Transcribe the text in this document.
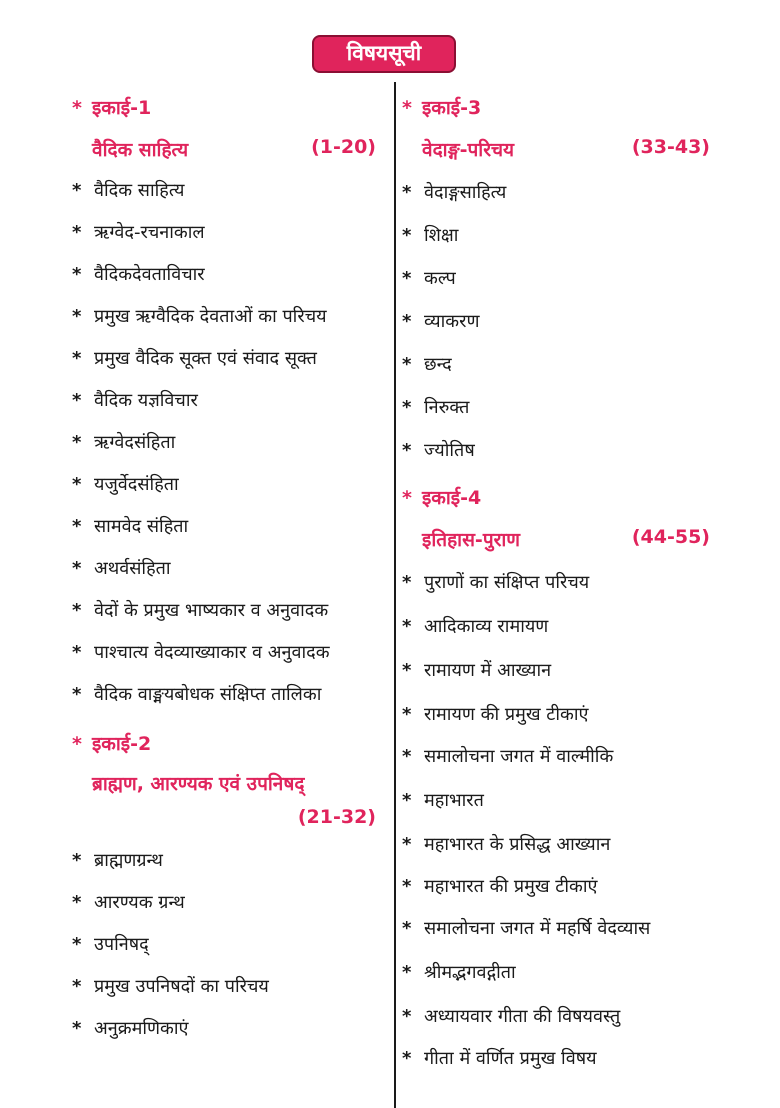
विषयसूची
* इकाई-1
वैदिक साहित्य	(1-20)
* वैदिक साहित्य
* ऋग्वेद-रचनाकाल
* वैदिकदेवताविचार
* प्रमुख ऋग्वैदिक देवताओं का परिचय
* प्रमुख वैदिक सूक्त एवं संवाद सूक्त
* वैदिक यज्ञविचार
* ऋग्वेदसंहिता
* यजुर्वेदसंहिता
* सामवेद संहिता
* अथर्वसंहिता
* वेदों के प्रमुख भाष्यकार व अनुवादक
* पाश्चात्य वेदव्याख्याकार व अनुवादक
* वैदिक वाङ्मयबोधक संक्षिप्त तालिका
* इकाई-2
ब्राह्मण, आरण्यक एवं उपनिषद्
(21-32)
* ब्राह्मणग्रन्थ
* आरण्यक ग्रन्थ
* उपनिषद्
* प्रमुख उपनिषदों का परिचय
* अनुक्रमणिकाएं
* इकाई-3
वेदाङ्ग-परिचय	(33-43)
* वेदाङ्गसाहित्य
* शिक्षा
* कल्प
* व्याकरण
* छन्द
* निरुक्त
* ज्योतिष
* इकाई-4
इतिहास-पुराण	(44-55)
* पुराणों का संक्षिप्त परिचय
* आदिकाव्य रामायण
* रामायण में आख्यान
* रामायण की प्रमुख टीकाएं
* समालोचना जगत में वाल्मीकि
* महाभारत
* महाभारत के प्रसिद्ध आख्यान
* महाभारत की प्रमुख टीकाएं
* समालोचना जगत में महर्षि वेदव्यास
* श्रीमद्भगवद्गीता
* अध्यायवार गीता की विषयवस्तु
* गीता में वर्णित प्रमुख विषय
